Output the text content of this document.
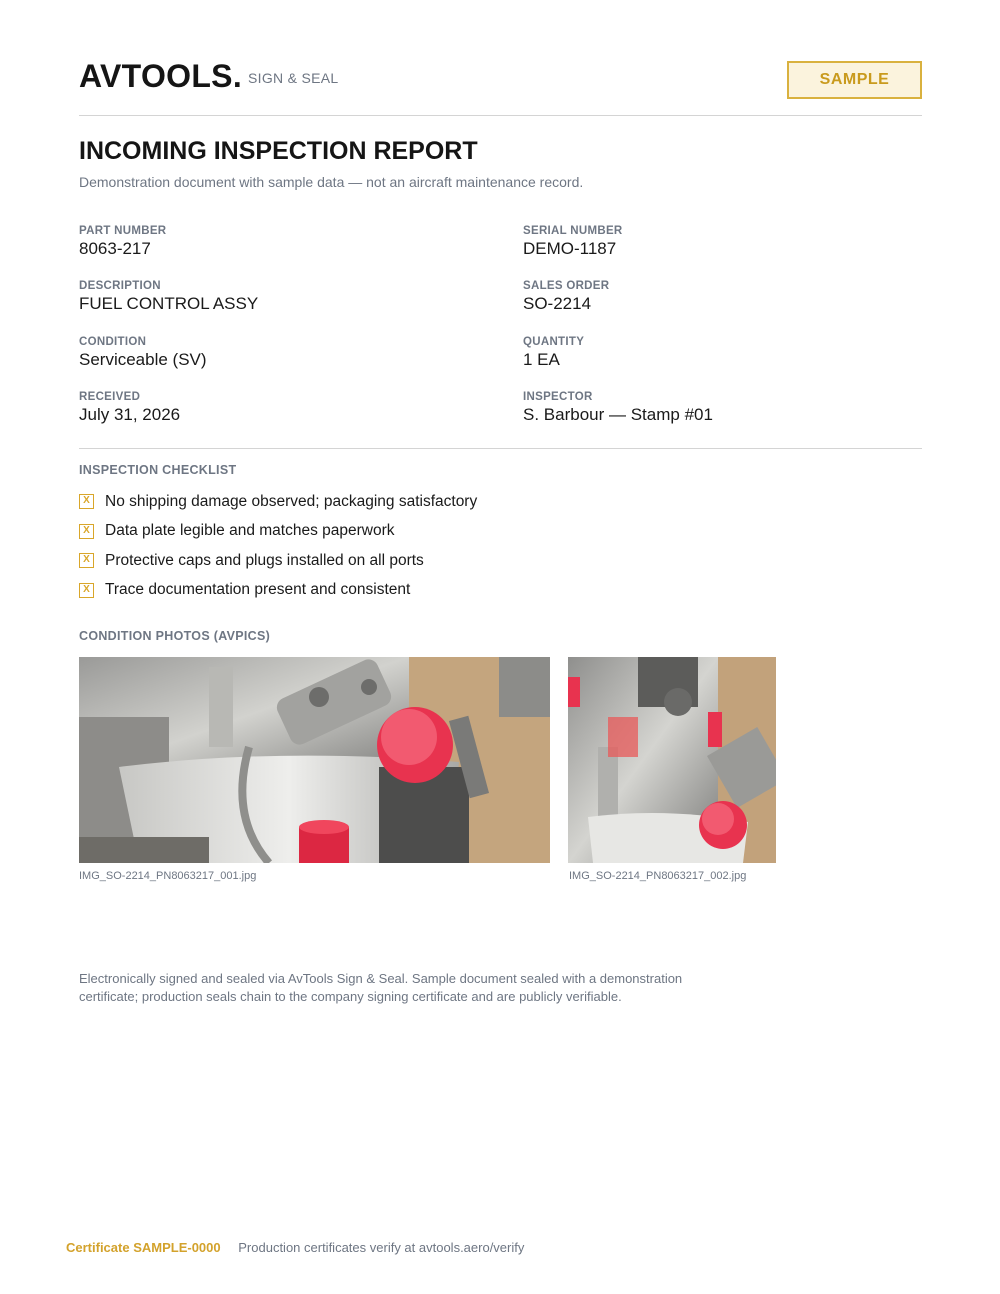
AVTOOLS. SIGN & SEAL	SAMPLE
INCOMING INSPECTION REPORT
Demonstration document with sample data — not an aircraft maintenance record.
PART NUMBER
8063-217
SERIAL NUMBER
DEMO-1187
DESCRIPTION
FUEL CONTROL ASSY
SALES ORDER
SO-2214
CONDITION
Serviceable (SV)
QUANTITY
1 EA
RECEIVED
July 31, 2026
INSPECTOR
S. Barbour — Stamp #01
INSPECTION CHECKLIST
X No shipping damage observed; packaging satisfactory
X Data plate legible and matches paperwork
X Protective caps and plugs installed on all ports
X Trace documentation present and consistent
CONDITION PHOTOS (AVPICS)
IMG_SO-2214_PN8063217_001.jpg	IMG_SO-2214_PN8063217_002.jpg
Electronically signed and sealed via AvTools Sign & Seal. Sample document sealed with a demonstration certificate; production seals chain to the company signing certificate and are publicly verifiable.
Certificate SAMPLE-0000 Production certificates verify at avtools.aero/verify
